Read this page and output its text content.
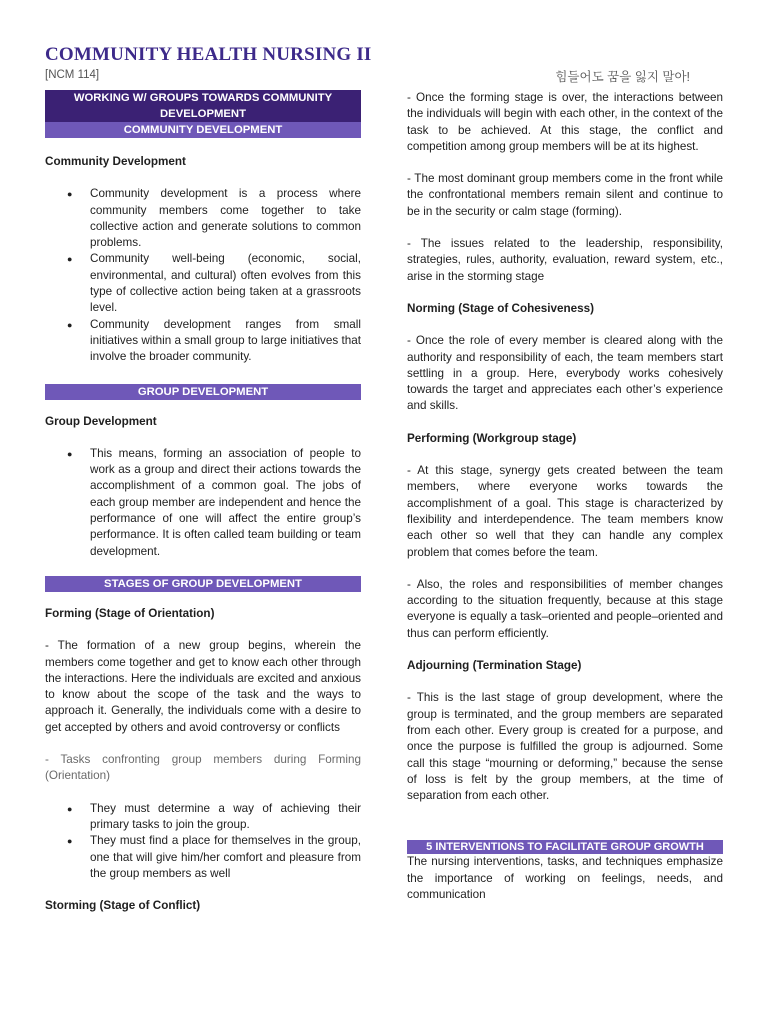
COMMUNITY HEALTH NURSING II
[NCM 114]	힘들어도 꿈을 잃지 말아!
WORKING W/ GROUPS TOWARDS COMMUNITY DEVELOPMENT
COMMUNITY DEVELOPMENT

Community Development

● Community development is a process where community members come together to take collective action and generate solutions to common problems.
● Community well-being (economic, social, environmental, and cultural) often evolves from this type of collective action being taken at a grassroots level.
● Community development ranges from small initiatives within a small group to large initiatives that involve the broader community.
GROUP DEVELOPMENT

Group Development

● This means, forming an association of people to work as a group and direct their actions towards the accomplishment of a common goal. The jobs of each group member are independent and hence the performance of one will affect the entire group’s performance. It is often called team building or team development.
STAGES OF GROUP DEVELOPMENT

Forming (Stage of Orientation)

- The formation of a new group begins, wherein the members come together and get to know each other through the interactions. Here the individuals are excited and anxious to know about the scope of the task and the ways to approach it. Generally, the individuals come with a desire to get accepted by others and avoid controversy or conflicts

- Tasks confronting group members during Forming (Orientation)

● They must determine a way of achieving their primary tasks to join the group.
● They must find a place for themselves in the group, one that will give him/her comfort and pleasure from the group members as well

Storming (Stage of Conflict)

- Once the forming stage is over, the interactions between the individuals will begin with each other, in the context of the task to be achieved. At this stage, the conflict and competition among group members will be at its highest.

- The most dominant group members come in the front while the confrontational members remain silent and continue to be in the security or calm stage (forming).

- The issues related to the leadership, responsibility, strategies, rules, authority, evaluation, reward system, etc., arise in the storming stage

Norming (Stage of Cohesiveness)

- Once the role of every member is cleared along with the authority and responsibility of each, the team members start settling in a group. Here, everybody works cohesively towards the target and appreciates each other’s experience and skills.

Performing (Workgroup stage)

- At this stage, synergy gets created between the team members, where everyone works towards the accomplishment of a goal. This stage is characterized by flexibility and interdependence. The team members know each other so well that they can handle any complex problem that comes before the team.

- Also, the roles and responsibilities of member changes according to the situation frequently, because at this stage everyone is equally a task–oriented and people–oriented and thus can perform efficiently.

Adjourning (Termination Stage)

- This is the last stage of group development, where the group is terminated, and the group members are separated from each other. Every group is created for a purpose, and once the purpose is fulfilled the group is adjourned. Some call this stage “mourning or deforming,” because the sense of loss is felt by the group members, at the time of separation from each other.

5 INTERVENTIONS TO FACILITATE GROUP GROWTH

The nursing interventions, tasks, and techniques emphasize the importance of working on feelings, needs, and communication
